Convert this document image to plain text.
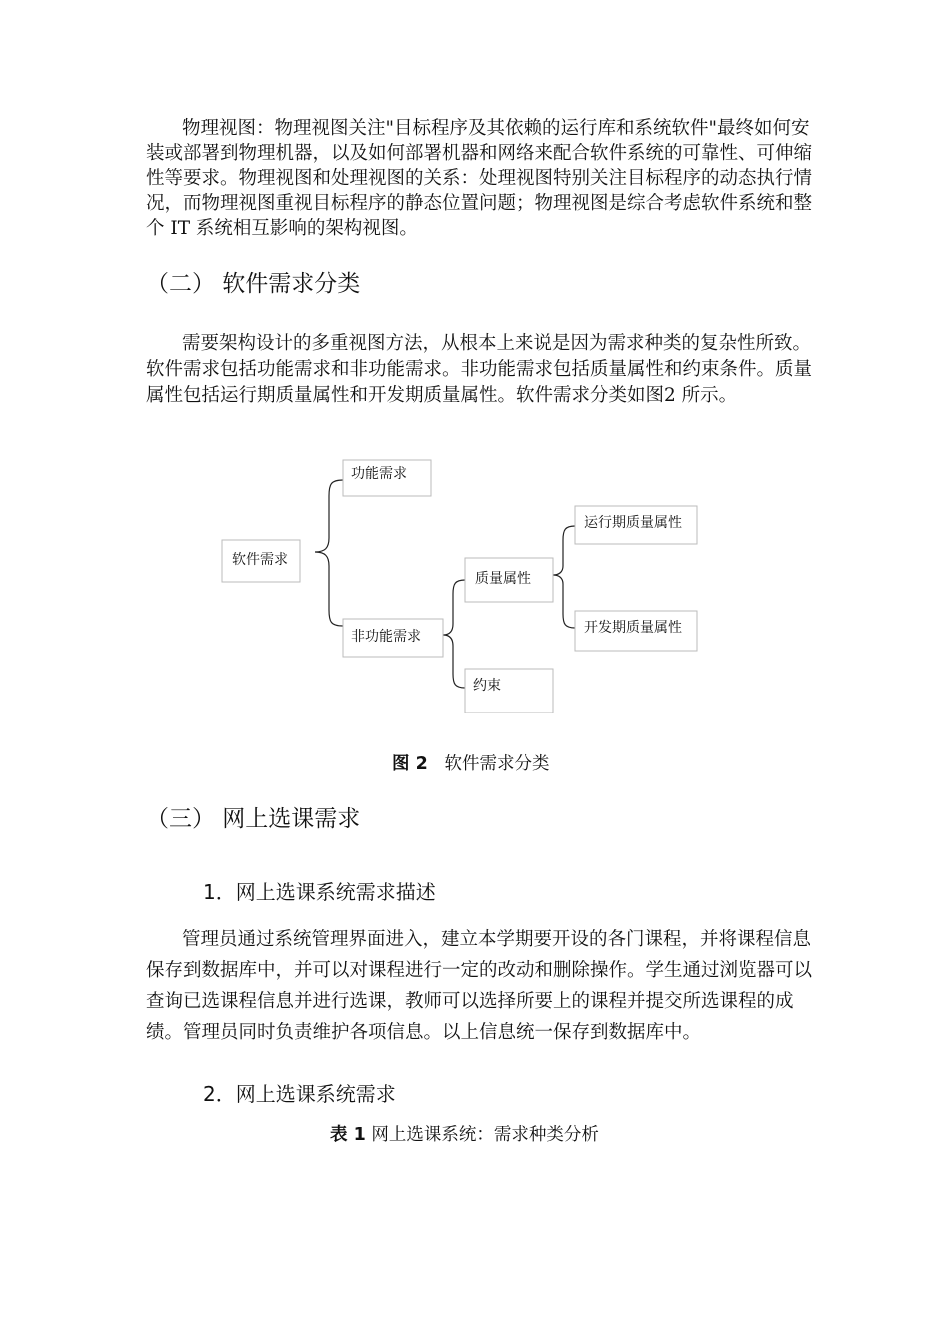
物理视图：物理视图关注"目标程序及其依赖的运行库和系统软件"最终如何安装或部署到物理机器，以及如何部署机器和网络来配合软件系统的可靠性、可伸缩性等要求。物理视图和处理视图的关系：处理视图特别关注目标程序的动态执行情况，而物理视图重视目标程序的静态位置问题；物理视图是综合考虑软件系统和整个 IT 系统相互影响的架构视图。

（二） 软件需求分类

需要架构设计的多重视图方法，从根本上来说是因为需求种类的复杂性所致。软件需求包括功能需求和非功能需求。非功能需求包括质量属性和约束条件。质量属性包括运行期质量属性和开发期质量属性。软件需求分类如图2 所示。

软件需求
功能需求
非功能需求
质量属性
约束
运行期质量属性
开发期质量属性

图 2 软件需求分类

（三） 网上选课需求
1．网上选课系统需求描述

管理员通过系统管理界面进入，建立本学期要开设的各门课程，并将课程信息保存到数据库中，并可以对课程进行一定的改动和删除操作。学生通过浏览器可以查询已选课程信息并进行选课，教师可以选择所要上的课程并提交所选课程的成绩。管理员同时负责维护各项信息。以上信息统一保存到数据库中。

2．网上选课系统需求

表 1 网上选课系统：需求种类分析
